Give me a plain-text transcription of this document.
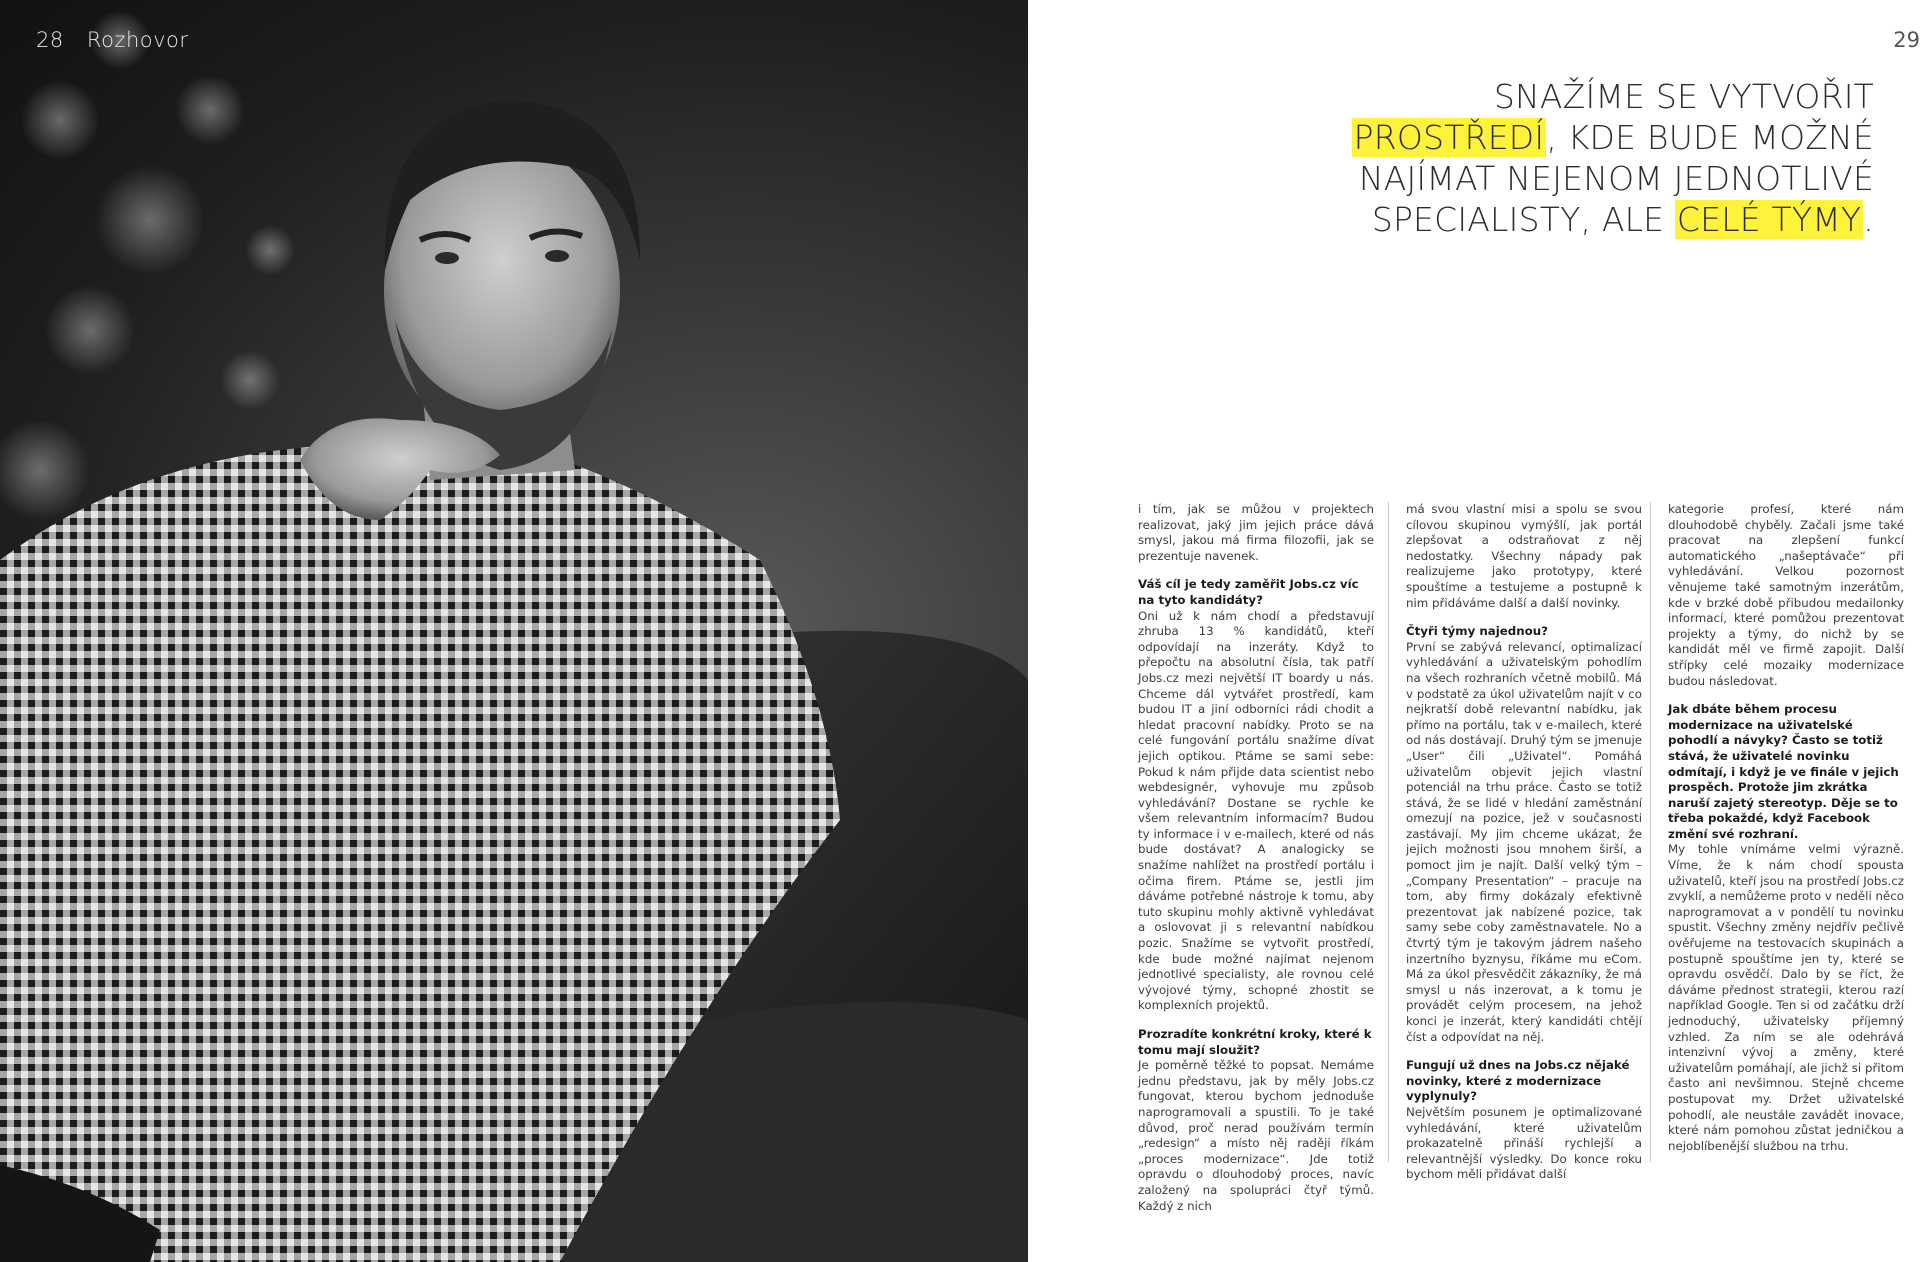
28 Rozhovor	29
SNAŽÍME SE VYTVOŘIT
PROSTŘEDÍ, KDE BUDE MOŽNÉ
NAJÍMAT NEJENOM JEDNOTLIVÉ
SPECIALISTY, ALE CELÉ TÝMY.

i tím, jak se můžou v projektech realizovat, jaký jim jejich práce dává smysl, jakou má firma filozofii, jak se prezentuje navenek.

Váš cíl je tedy zaměřit Jobs.cz víc na tyto kandidáty?

Oni už k nám chodí a představují zhruba 13 % kandidátů, kteří odpovídají na inzeráty. Když to přepočtu na absolutní čísla, tak patří Jobs.cz mezi největší IT boardy u nás. Chceme dál vytvářet prostředí, kam budou IT a jiní odborníci rádi chodit a hledat pracovní nabídky. Proto se na celé fungování portálu snažíme dívat jejich optikou. Ptáme se sami sebe: Pokud k nám přijde data scientist nebo webdesignér, vyhovuje mu způsob vyhledávání? Dostane se rychle ke všem relevantním informacím? Budou ty informace i v e-mailech, které od nás bude dostávat? A analogicky se snažíme nahlížet na prostředí portálu i očima firem. Ptáme se, jestli jim dáváme potřebné nástroje k tomu, aby tuto skupinu mohly aktivně vyhledávat a oslovovat ji s relevantní nabídkou pozic. Snažíme se vytvořit prostředí, kde bude možné najímat nejenom jednotlivé specialisty, ale rovnou celé vývojové týmy, schopné zhostit se komplexních projektů.

Prozradíte konkrétní kroky, které k tomu mají sloužit?

Je poměrně těžké to popsat. Nemáme jednu představu, jak by měly Jobs.cz fungovat, kterou bychom jednoduše naprogramovali a spustili. To je také důvod, proč nerad používám termín „redesign“ a místo něj raději říkám „proces modernizace“. Jde totiž opravdu o dlouhodobý proces, navíc založený na spolupráci čtyř týmů. Každý z nich

má svou vlastní misi a spolu se svou cílovou skupinou vymýšlí, jak portál zlepšovat a odstraňovat z něj nedostatky. Všechny nápady pak realizujeme jako prototypy, které spouštíme a testujeme a postupně k nim přidáváme další a další novinky.

Čtyři týmy najednou?

První se zabývá relevancí, optimalizací vyhledávání a uživatelským pohodlím na všech rozhraních včetně mobilů. Má v podstatě za úkol uživatelům najít v co nejkratší době relevantní nabídku, jak přímo na portálu, tak v e-mailech, které od nás dostávají. Druhý tým se jmenuje „User“ čili „Uživatel“. Pomáhá uživatelům objevit jejich vlastní potenciál na trhu práce. Často se totiž stává, že se lidé v hledání zaměstnání omezují na pozice, jež v současnosti zastávají. My jim chceme ukázat, že jejich možnosti jsou mnohem širší, a pomoct jim je najít. Další velký tým – „Company Presentation“ – pracuje na tom, aby firmy dokázaly efektivně prezentovat jak nabízené pozice, tak samy sebe coby zaměstnavatele. No a čtvrtý tým je takovým jádrem našeho inzertního byznysu, říkáme mu eCom. Má za úkol přesvědčit zákazníky, že má smysl u nás inzerovat, a k tomu je provádět celým procesem, na jehož konci je inzerát, který kandidáti chtějí číst a odpovídat na něj.

Fungují už dnes na Jobs.cz nějaké novinky, které z modernizace vyplynuly?

Největším posunem je optimalizované vyhledávání, které uživatelům prokazatelně přináší rychlejší a relevantnější výsledky. Do konce roku bychom měli přidávat další

kategorie profesí, které nám dlouhodobě chyběly. Začali jsme také pracovat na zlepšení funkcí automatického „našeptávače“ při vyhledávání. Velkou pozornost věnujeme také samotným inzerátům, kde v brzké době přibudou medailonky informací, které pomůžou prezentovat projekty a týmy, do nichž by se kandidát měl ve firmě zapojit. Další střípky celé mozaiky modernizace budou následovat.

Jak dbáte během procesu modernizace na uživatelské pohodlí a návyky? Často se totiž stává, že uživatelé novinku odmítají, i když je ve finále v jejich prospěch. Protože jim zkrátka naruší zajetý stereotyp. Děje se to třeba pokaždé, když Facebook změní své rozhraní.

My tohle vnímáme velmi výrazně. Víme, že k nám chodí spousta uživatelů, kteří jsou na prostředí Jobs.cz zvyklí, a nemůžeme proto v neděli něco naprogramovat a v pondělí tu novinku spustit. Všechny změny nejdřív pečlivě ověřujeme na testovacích skupinách a postupně spouštíme jen ty, které se opravdu osvědčí. Dalo by se říct, že dáváme přednost strategii, kterou razí například Google. Ten si od začátku drží jednoduchý, uživatelsky příjemný vzhled. Za ním se ale odehrává intenzivní vývoj a změny, které uživatelům pomáhají, ale jichž si přitom často ani nevšimnou. Stejně chceme postupovat my. Držet uživatelské pohodlí, ale neustále zavádět inovace, které nám pomohou zůstat jedničkou a nejoblíbenější službou na trhu.
